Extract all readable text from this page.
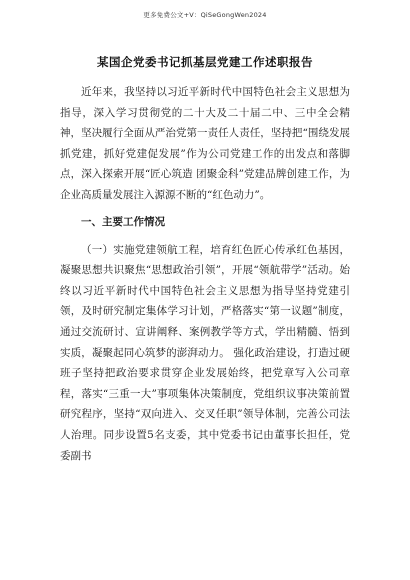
更多免费公文+V：QiSeGongWen2024
某国企党委书记抓基层党建工作述职报告

近年来，我坚持以习近平新时代中国特色社会主义思想为指导，深入学习贯彻党的二十大及二十届二中、三中全会精神，坚决履行全面从严治党第一责任人责任，坚持把“围绕发展抓党建，抓好党建促发展”作为公司党建工作的出发点和落脚点，深入探索开展“匠心筑造 团聚金科”党建品牌创建工作，为企业高质量发展注入源源不断的“红色动力”。

一、主要工作情况

（一）实施党建领航工程，培育红色匠心传承红色基因，凝聚思想共识聚焦“思想政治引领”，开展“领航带学”活动。始终以习近平新时代中国特色社会主义思想为指导坚持党建引领，及时研究制定集体学习计划，严格落实“第一议题”制度，通过交流研讨、宣讲阐释、案例教学等方式，学出精髓、悟到实质，凝聚起同心筑梦的澎湃动力。 强化政治建设，打造过硬班子坚持把政治要求贯穿企业发展始终，把党章写入公司章程，落实“三重一大”事项集体决策制度，党组织议事决策前置研究程序，坚持“双向进入、交叉任职”领导体制，完善公司法人治理。同步设置5名支委，其中党委书记由董事长担任，党委副书
